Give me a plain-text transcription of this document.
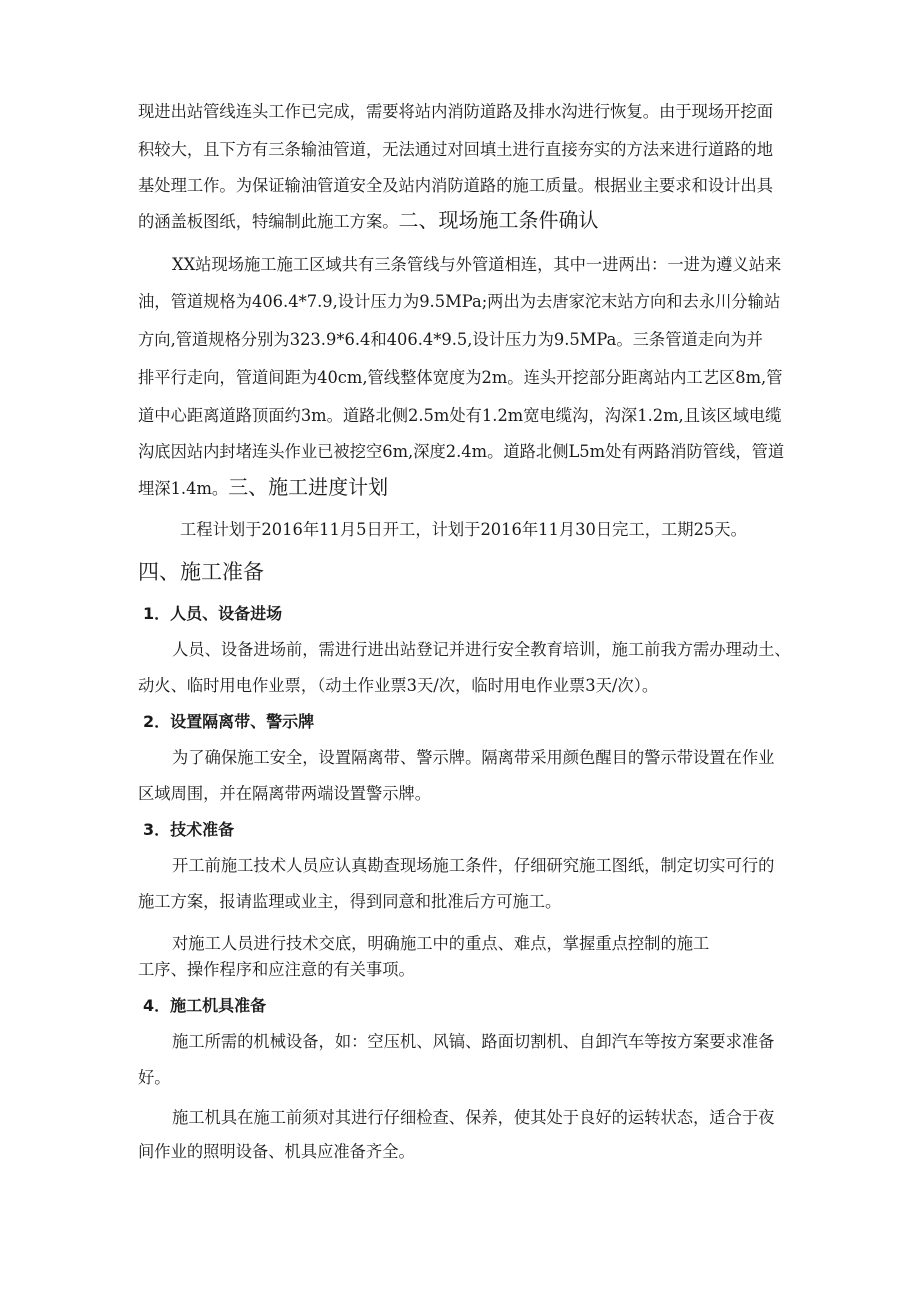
现进出站管线连头工作已完成，需要将站内消防道路及排水沟进行恢复。由于现场开挖面
积较大，且下方有三条输油管道，无法通过对回填土进行直接夯实的方法来进行道路的地
基处理工作。为保证输油管道安全及站内消防道路的施工质量。根据业主要求和设计出具
的涵盖板图纸，特编制此施工方案。二、现场施工条件确认
XX站现场施工施工区域共有三条管线与外管道相连，其中一进两出：一进为遵义站来
油，管道规格为406.4*7.9,设计压力为9.5MPa;两出为去唐家沱末站方向和去永川分输站
方向,管道规格分别为323.9*6.4和406.4*9.5,设计压力为9.5MPa。三条管道走向为并
排平行走向，管道间距为40cm,管线整体宽度为2m。连头开挖部分距离站内工艺区8m,管
道中心距离道路顶面约3m。道路北侧2.5m处有1.2m宽电缆沟，沟深1.2m,且该区域电缆
沟底因站内封堵连头作业已被挖空6m,深度2.4m。道路北侧L5m处有两路消防管线，管道
埋深1.4m。三、施工进度计划
工程计划于2016年11月5日开工，计划于2016年11月30日完工，工期25天。
四、施工准备
1．人员、设备进场
人员、设备进场前，需进行进出站登记并进行安全教育培训，施工前我方需办理动土、
动火、临时用电作业票，（动土作业票3天/次，临时用电作业票3天/次）。
2．设置隔离带、警示牌
为了确保施工安全，设置隔离带、警示牌。隔离带采用颜色醒目的警示带设置在作业
区域周围，并在隔离带两端设置警示牌。
3．技术准备
开工前施工技术人员应认真勘查现场施工条件，仔细研究施工图纸，制定切实可行的
施工方案，报请监理或业主，得到同意和批准后方可施工。
对施工人员进行技术交底，明确施工中的重点、难点，掌握重点控制的施工
工序、操作程序和应注意的有关事项。
4．施工机具准备
施工所需的机械设备，如：空压机、风镐、路面切割机、自卸汽车等按方案要求准备
好。
施工机具在施工前须对其进行仔细检查、保养，使其处于良好的运转状态，适合于夜
间作业的照明设备、机具应准备齐全。
